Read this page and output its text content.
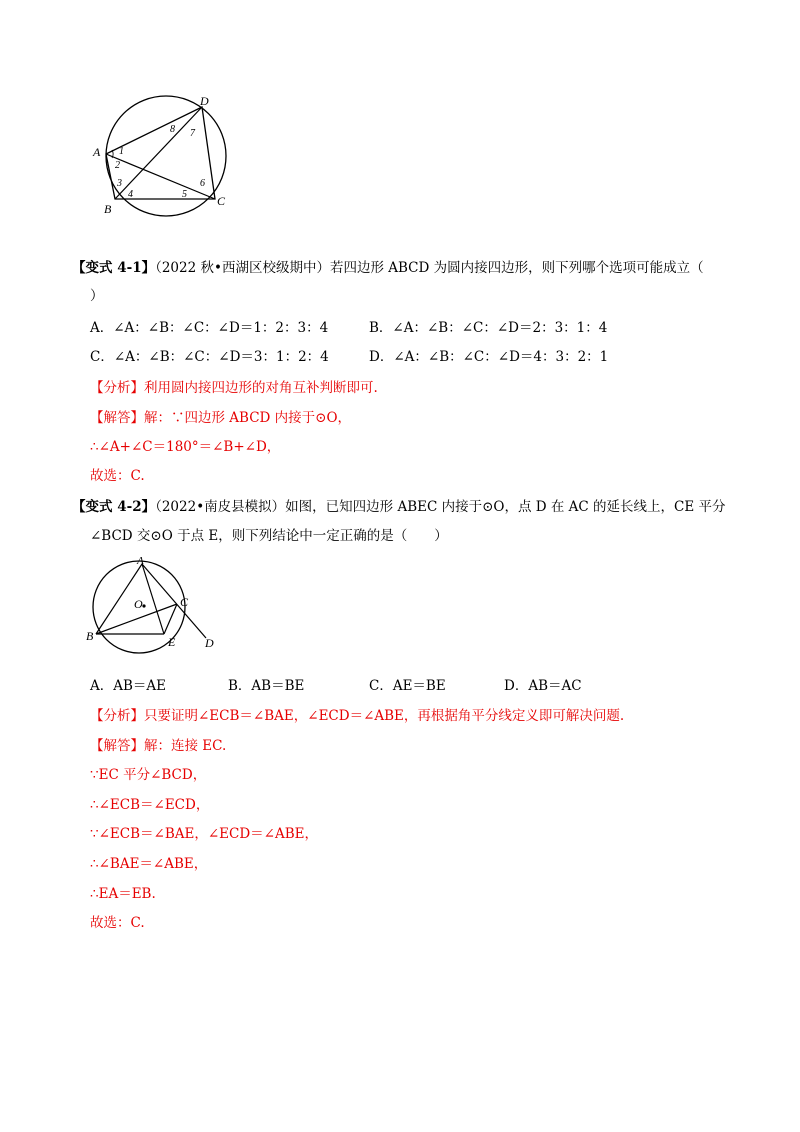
D
A
B
C
1
2
3
4	5
6
7
8
【变式 4-1】（2022 秋•西湖区校级期中）若四边形 ABCD 为圆内接四边形，则下列哪个选项可能成立（
）
A．∠A：∠B：∠C：∠D＝1：2：3：4	B．∠A：∠B：∠C：∠D＝2：3：1：4
C．∠A：∠B：∠C：∠D＝3：1：2：4	D．∠A：∠B：∠C：∠D＝4：3：2：1
【分析】利用圆内接四边形的对角互补判断即可.
【解答】解：∵四边形 ABCD 内接于⊙O，
∴∠A+∠C＝180°＝∠B+∠D，
故选：C.
【变式 4-2】（2022•南皮县模拟）如图，已知四边形 ABEC 内接于⊙O，点 D 在 AC 的延长线上，CE 平分
∠BCD 交⊙O 于点 E，则下列结论中一定正确的是（　　）
A
O	C
B	E D
A．AB＝AE	B．AB＝BE	C．AE＝BE	D．AB＝AC
【分析】只要证明∠ECB＝∠BAE，∠ECD＝∠ABE，再根据角平分线定义即可解决问题.
【解答】解：连接 EC.
∵EC 平分∠BCD，
∴∠ECB＝∠ECD，
∵∠ECB＝∠BAE，∠ECD＝∠ABE，
∴∠BAE＝∠ABE，
∴EA＝EB.
故选：C.
